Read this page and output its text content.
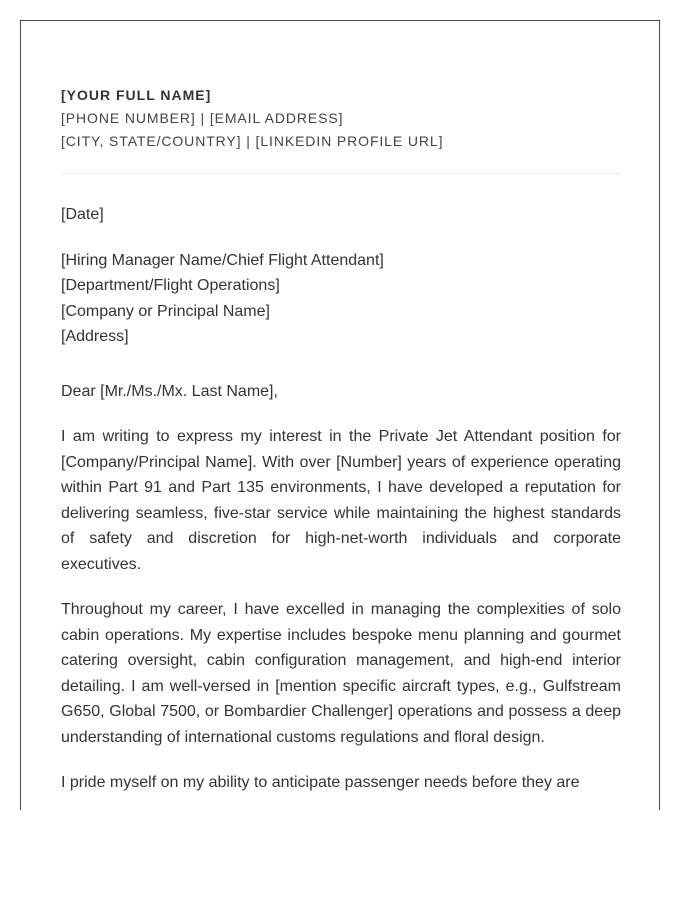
[YOUR FULL NAME]
[PHONE NUMBER] | [EMAIL ADDRESS]
[CITY, STATE/COUNTRY] | [LINKEDIN PROFILE URL]
[Date]
[Hiring Manager Name/Chief Flight Attendant]
[Department/Flight Operations]
[Company or Principal Name]
[Address]
Dear [Mr./Ms./Mx. Last Name],
I am writing to express my interest in the Private Jet Attendant position for [Company/Principal Name]. With over [Number] years of experience operating within Part 91 and Part 135 environments, I have developed a reputation for delivering seamless, five-star service while maintaining the highest standards of safety and discretion for high-net-worth individuals and corporate executives.
Throughout my career, I have excelled in managing the complexities of solo cabin operations. My expertise includes bespoke menu planning and gourmet catering oversight, cabin configuration management, and high-end interior detailing. I am well-versed in [mention specific aircraft types, e.g., Gulfstream G650, Global 7500, or Bombardier Challenger] operations and possess a deep understanding of international customs regulations and floral design.
I pride myself on my ability to anticipate passenger needs before they are
